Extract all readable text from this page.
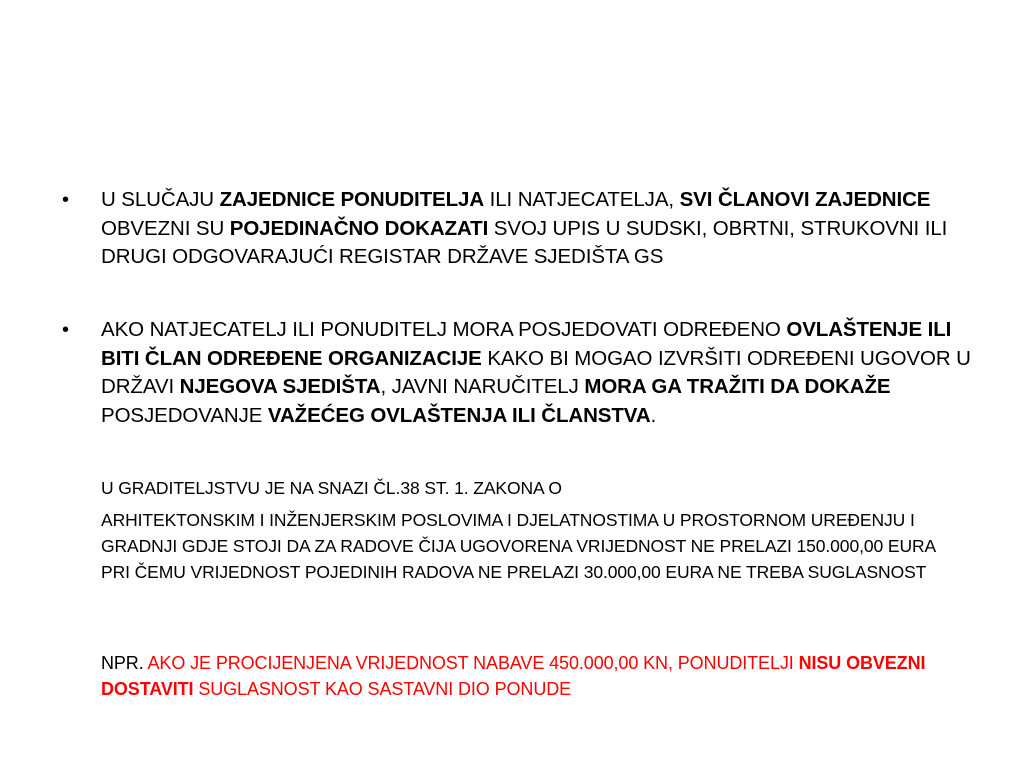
• U SLUČAJU ZAJEDNICE PONUDITELJA ILI NATJECATELJA, SVI ČLANOVI ZAJEDNICE OBVEZNI SU POJEDINAČNO DOKAZATI SVOJ UPIS U SUDSKI, OBRTNI, STRUKOVNI ILI DRUGI ODGOVARAJUĆI REGISTAR DRŽAVE SJEDIŠTA GS
• AKO NATJECATELJ ILI PONUDITELJ MORA POSJEDOVATI ODREĐENO OVLAŠTENJE ILI BITI ČLAN ODREĐENE ORGANIZACIJE KAKO BI MOGAO IZVRŠITI ODREĐENI UGOVOR U DRŽAVI NJEGOVA SJEDIŠTA, JAVNI NARUČITELJ MORA GA TRAŽITI DA DOKAŽE POSJEDOVANJE VAŽEĆEG OVLAŠTENJA ILI ČLANSTVA.
U GRADITELJSTVU JE NA SNAZI ČL.38 ST. 1. ZAKONA O
ARHITEKTONSKIM I INŽENJERSKIM POSLOVIMA I DJELATNOSTIMA U PROSTORNOM UREĐENJU I GRADNJI GDJE STOJI DA ZA RADOVE ČIJA UGOVORENA VRIJEDNOST NE PRELAZI 150.000,00 EURA PRI ČEMU VRIJEDNOST POJEDINIH RADOVA NE PRELAZI 30.000,00 EURA NE TREBA SUGLASNOST
NPR. AKO JE PROCIJENJENA VRIJEDNOST NABAVE 450.000,00 KN, PONUDITELJI NISU OBVEZNI DOSTAVITI SUGLASNOST KAO SASTAVNI DIO PONUDE
